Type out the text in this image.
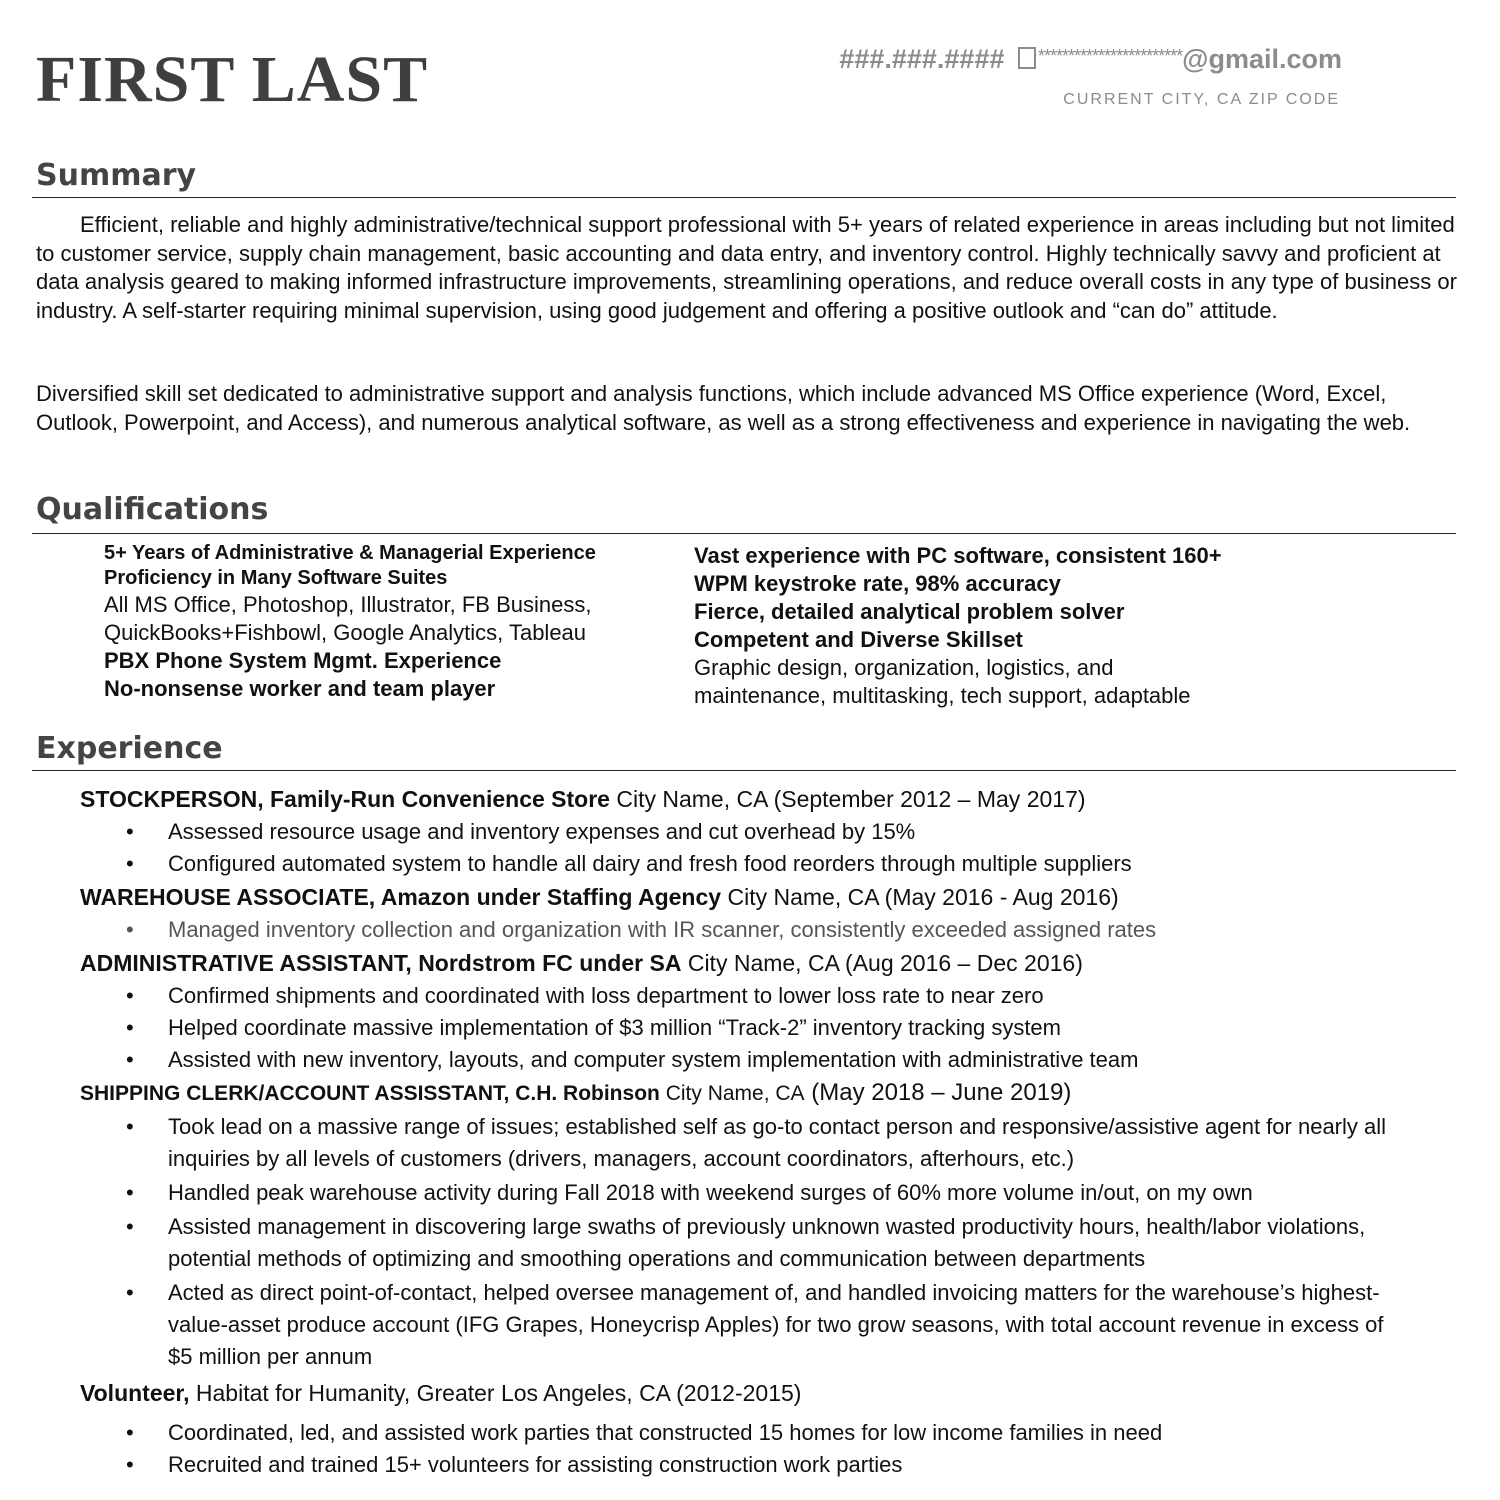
FIRST LAST	###.###.#### ************************@gmail.com
CURRENT CITY, CA ZIP CODE
Summary
Efficient, reliable and highly administrative/technical support professional with 5+ years of related experience in areas including but not limited to customer service, supply chain management, basic accounting and data entry, and inventory control. Highly technically savvy and proficient at data analysis geared to making informed infrastructure improvements, streamlining operations, and reduce overall costs in any type of business or industry. A self-starter requiring minimal supervision, using good judgement and offering a positive outlook and “can do” attitude.
Diversified skill set dedicated to administrative support and analysis functions, which include advanced MS Office experience (Word, Excel, Outlook, Powerpoint, and Access), and numerous analytical software, as well as a strong effectiveness and experience in navigating the web.
Qualifications
5+ Years of Administrative & Managerial Experience
Proficiency in Many Software Suites
All MS Office, Photoshop, Illustrator, FB Business,
QuickBooks+Fishbowl, Google Analytics, Tableau
PBX Phone System Mgmt. Experience
No-nonsense worker and team player
Vast experience with PC software, consistent 160+
WPM keystroke rate, 98% accuracy
Fierce, detailed analytical problem solver
Competent and Diverse Skillset
Graphic design, organization, logistics, and
maintenance, multitasking, tech support, adaptable
Experience
STOCKPERSON, Family-Run Convenience Store City Name, CA (September 2012 – May 2017)
• Assessed resource usage and inventory expenses and cut overhead by 15%
• Configured automated system to handle all dairy and fresh food reorders through multiple suppliers
WAREHOUSE ASSOCIATE, Amazon under Staffing Agency City Name, CA (May 2016 - Aug 2016)
• Managed inventory collection and organization with IR scanner, consistently exceeded assigned rates
ADMINISTRATIVE ASSISTANT, Nordstrom FC under SA City Name, CA (Aug 2016 – Dec 2016)
• Confirmed shipments and coordinated with loss department to lower loss rate to near zero
• Helped coordinate massive implementation of $3 million “Track-2” inventory tracking system
• Assisted with new inventory, layouts, and computer system implementation with administrative team
SHIPPING CLERK/ACCOUNT ASSISSTANT, C.H. Robinson City Name, CA (May 2018 – June 2019)
• Took lead on a massive range of issues; established self as go-to contact person and responsive/assistive agent for nearly all inquiries by all levels of customers (drivers, managers, account coordinators, afterhours, etc.)
• Handled peak warehouse activity during Fall 2018 with weekend surges of 60% more volume in/out, on my own
• Assisted management in discovering large swaths of previously unknown wasted productivity hours, health/labor violations, potential methods of optimizing and smoothing operations and communication between departments
• Acted as direct point-of-contact, helped oversee management of, and handled invoicing matters for the warehouse’s highest-value-asset produce account (IFG Grapes, Honeycrisp Apples) for two grow seasons, with total account revenue in excess of $5 million per annum
Volunteer, Habitat for Humanity, Greater Los Angeles, CA (2012-2015)
• Coordinated, led, and assisted work parties that constructed 15 homes for low income families in need
• Recruited and trained 15+ volunteers for assisting construction work parties
